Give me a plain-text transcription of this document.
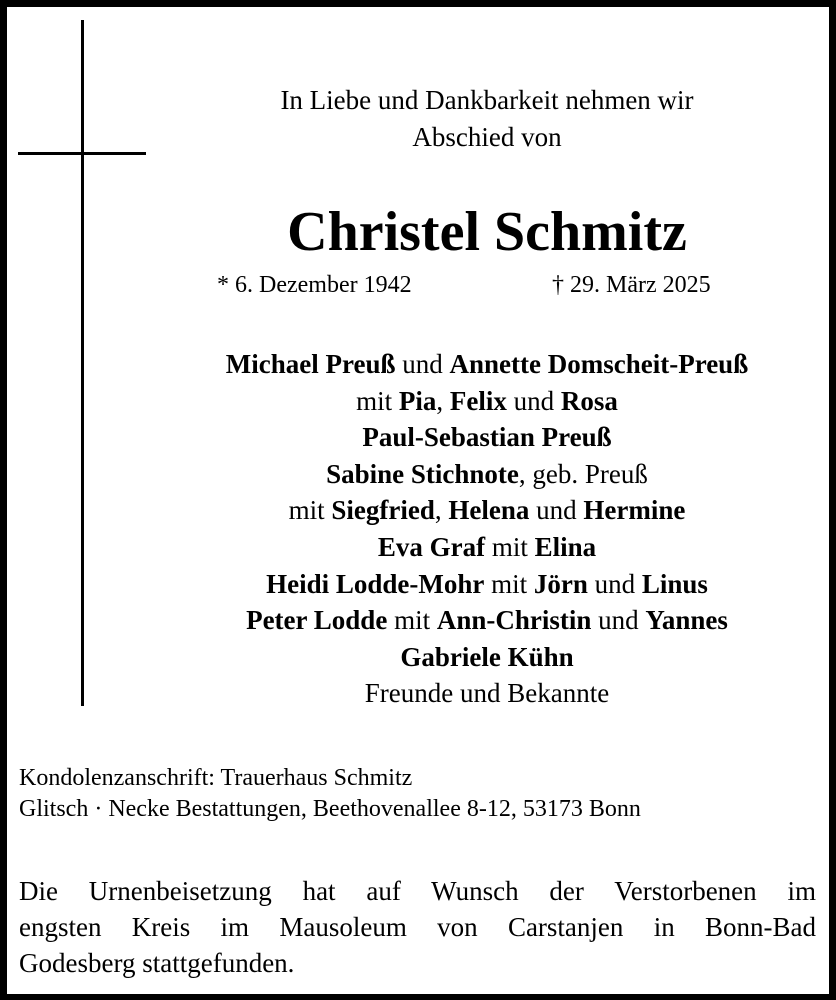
In Liebe und Dankbarkeit nehmen wir
Abschied von
Christel Schmitz
* 6. Dezember 1942	† 29. März 2025
Michael Preuß und Annette Domscheit-Preuß
mit Pia, Felix und Rosa
Paul-Sebastian Preuß
Sabine Stichnote, geb. Preuß
mit Siegfried, Helena und Hermine
Eva Graf mit Elina
Heidi Lodde-Mohr mit Jörn und Linus
Peter Lodde mit Ann-Christin und Yannes
Gabriele Kühn
Freunde und Bekannte
Kondolenzanschrift: Trauerhaus Schmitz
Glitsch · Necke Bestattungen, Beethovenallee 8-12, 53173 Bonn
Die Urnenbeisetzung hat auf Wunsch der Verstorbenen im
engsten Kreis im Mausoleum von Carstanjen in Bonn-Bad
Godesberg stattgefunden.
